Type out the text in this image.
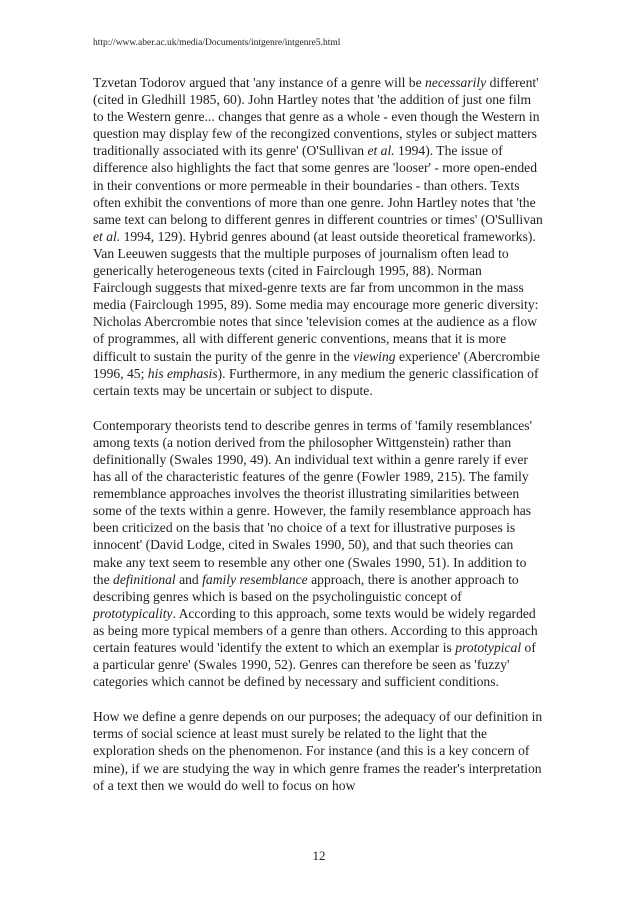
http://www.aber.ac.uk/media/Documents/intgenre/intgenre5.html

Tzvetan Todorov argued that 'any instance of a genre will be necessarily different' (cited in Gledhill 1985, 60). John Hartley notes that 'the addition of just one film to the Western genre... changes that genre as a whole - even though the Western in question may display few of the recongized conventions, styles or subject matters traditionally associated with its genre' (O'Sullivan et al. 1994). The issue of difference also highlights the fact that some genres are 'looser' - more open-ended in their conventions or more permeable in their boundaries - than others. Texts often exhibit the conventions of more than one genre. John Hartley notes that 'the same text can belong to different genres in different countries or times' (O'Sullivan et al. 1994, 129). Hybrid genres abound (at least outside theoretical frameworks). Van Leeuwen suggests that the multiple purposes of journalism often lead to generically heterogeneous texts (cited in Fairclough 1995, 88). Norman Fairclough suggests that mixed-genre texts are far from uncommon in the mass media (Fairclough 1995, 89). Some media may encourage more generic diversity: Nicholas Abercrombie notes that since 'television comes at the audience as a flow of programmes, all with different generic conventions, means that it is more difficult to sustain the purity of the genre in the viewing experience' (Abercrombie 1996, 45; his emphasis). Furthermore, in any medium the generic classification of certain texts may be uncertain or subject to dispute.

Contemporary theorists tend to describe genres in terms of 'family resemblances' among texts (a notion derived from the philosopher Wittgenstein) rather than definitionally (Swales 1990, 49). An individual text within a genre rarely if ever has all of the characteristic features of the genre (Fowler 1989, 215). The family rememblance approaches involves the theorist illustrating similarities between some of the texts within a genre. However, the family resemblance approach has been criticized on the basis that 'no choice of a text for illustrative purposes is innocent' (David Lodge, cited in Swales 1990, 50), and that such theories can make any text seem to resemble any other one (Swales 1990, 51). In addition to the definitional and family resemblance approach, there is another approach to describing genres which is based on the psycholinguistic concept of prototypicality. According to this approach, some texts would be widely regarded as being more typical members of a genre than others. According to this approach certain features would 'identify the extent to which an exemplar is prototypical of a particular genre' (Swales 1990, 52). Genres can therefore be seen as 'fuzzy' categories which cannot be defined by necessary and sufficient conditions.

How we define a genre depends on our purposes; the adequacy of our definition in terms of social science at least must surely be related to the light that the exploration sheds on the phenomenon. For instance (and this is a key concern of mine), if we are studying the way in which genre frames the reader's interpretation of a text then we would do well to focus on how

12
